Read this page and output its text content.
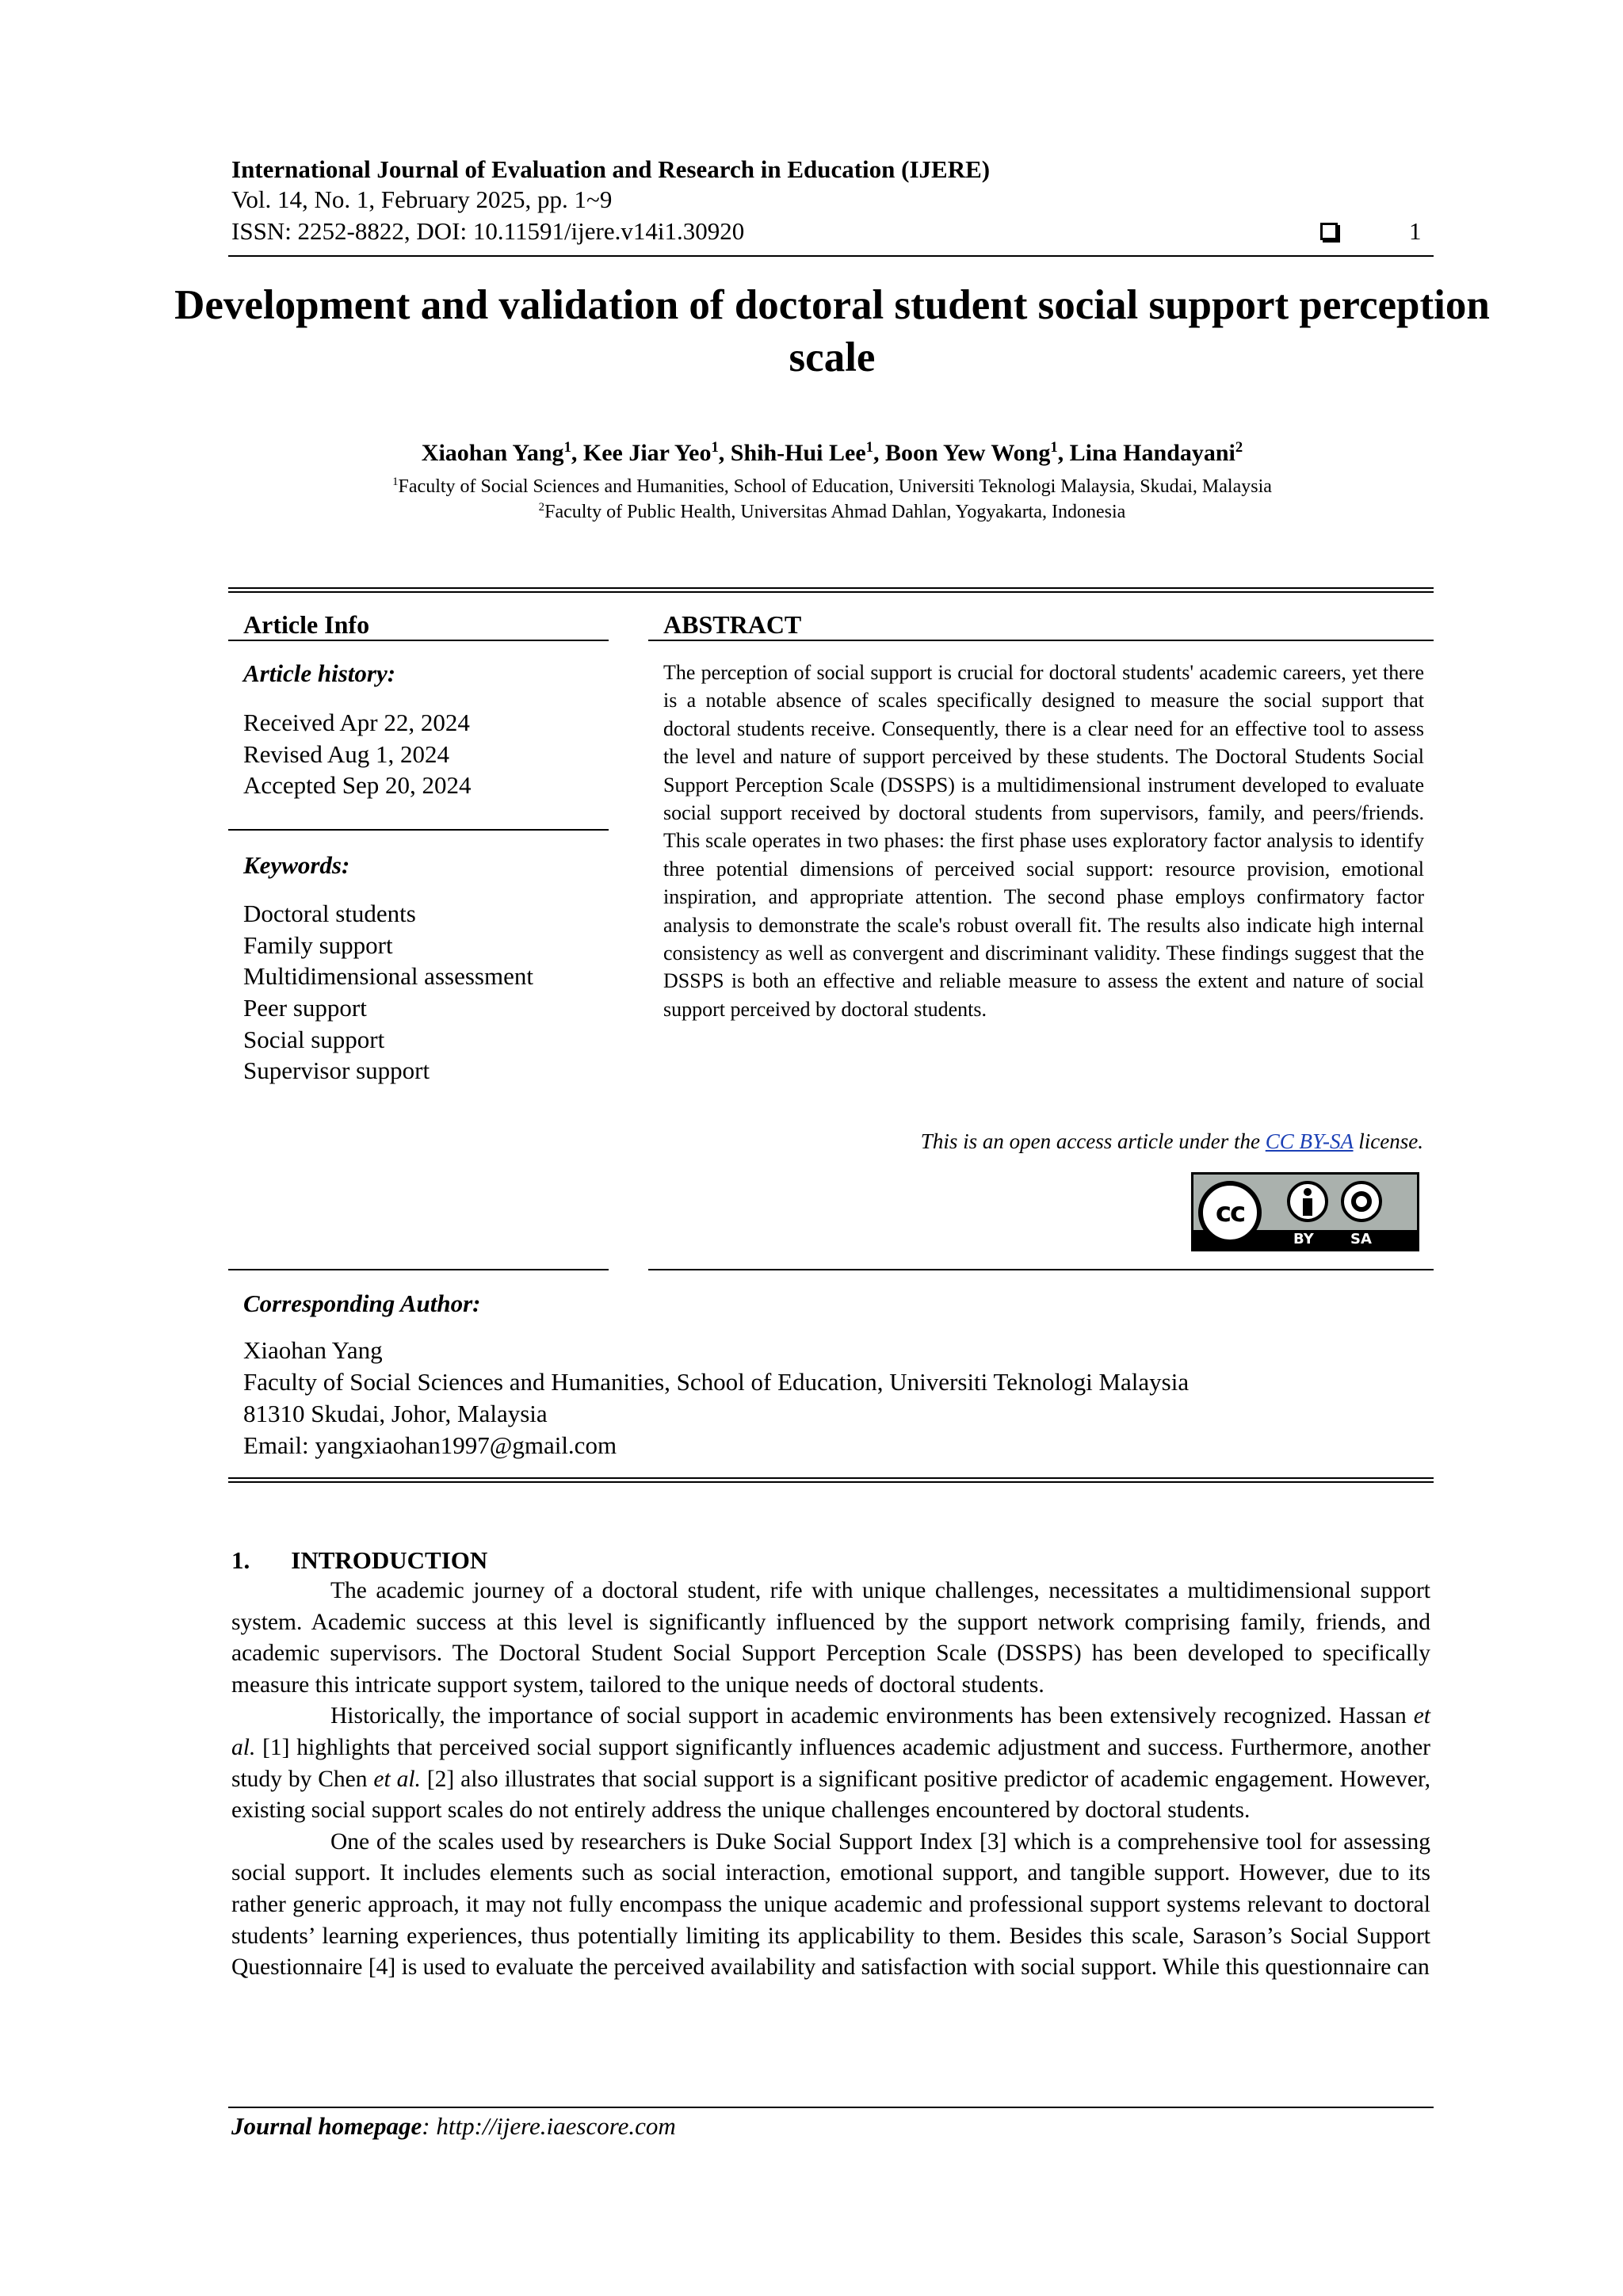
International Journal of Evaluation and Research in Education (IJERE)
Vol. 14, No. 1, February 2025, pp. 1~9
ISSN: 2252-8822, DOI: 10.11591/ijere.v14i1.30920	1
Development and validation of doctoral student social support perception scale
Xiaohan Yang$^1$, Kee Jiar Yeo$^1$, Shih-Hui Lee$^1$, Boon Yew Wong$^1$, Lina Handayani$^2$
$^1$Faculty of Social Sciences and Humanities, School of Education, Universiti Teknologi Malaysia, Skudai, Malaysia
$^2$Faculty of Public Health, Universitas Ahmad Dahlan, Yogyakarta, Indonesia
Article Info
Article history:
Received Apr 22, 2024
Revised Aug 1, 2024
Accepted Sep 20, 2024
Keywords:
Doctoral students
Family support
Multidimensional assessment
Peer support
Social support
Supervisor support
ABSTRACT
The perception of social support is crucial for doctoral students' academic careers, yet there is a notable absence of scales specifically designed to measure the social support that doctoral students receive. Consequently, there is a clear need for an effective tool to assess the level and nature of support perceived by these students. The Doctoral Students Social Support Perception Scale (DSSPS) is a multidimensional instrument developed to evaluate social support received by doctoral students from supervisors, family, and peers/friends. This scale operates in two phases: the first phase uses exploratory factor analysis to identify three potential dimensions of perceived social support: resource provision, emotional inspiration, and appropriate attention. The second phase employs confirmatory factor analysis to demonstrate the scale's robust overall fit. The results also indicate high internal consistency as well as convergent and discriminant validity. These findings suggest that the DSSPS is both an effective and reliable measure to assess the extent and nature of social support perceived by doctoral students.
This is an open access article under the CC BY-SA license.
cc
BY	SA
Corresponding Author:
Xiaohan Yang
Faculty of Social Sciences and Humanities, School of Education, Universiti Teknologi Malaysia
81310 Skudai, Johor, Malaysia
Email: yangxiaohan1997@gmail.com
1. INTRODUCTION

The academic journey of a doctoral student, rife with unique challenges, necessitates a multidimensional support system. Academic success at this level is significantly influenced by the support network comprising family, friends, and academic supervisors. The Doctoral Student Social Support Perception Scale (DSSPS) has been developed to specifically measure this intricate support system, tailored to the unique needs of doctoral students.

Historically, the importance of social support in academic environments has been extensively recognized. Hassan et al. [1] highlights that perceived social support significantly influences academic adjustment and success. Furthermore, another study by Chen et al. [2] also illustrates that social support is a significant positive predictor of academic engagement. However, existing social support scales do not entirely address the unique challenges encountered by doctoral students.

One of the scales used by researchers is Duke Social Support Index [3] which is a comprehensive tool for assessing social support. It includes elements such as social interaction, emotional support, and tangible support. However, due to its rather generic approach, it may not fully encompass the unique academic and professional support systems relevant to doctoral students’ learning experiences, thus potentially limiting its applicability to them. Besides this scale, Sarason’s Social Support Questionnaire [4] is used to evaluate the perceived availability and satisfaction with social support. While this questionnaire can

Journal homepage: http://ijere.iaescore.com
